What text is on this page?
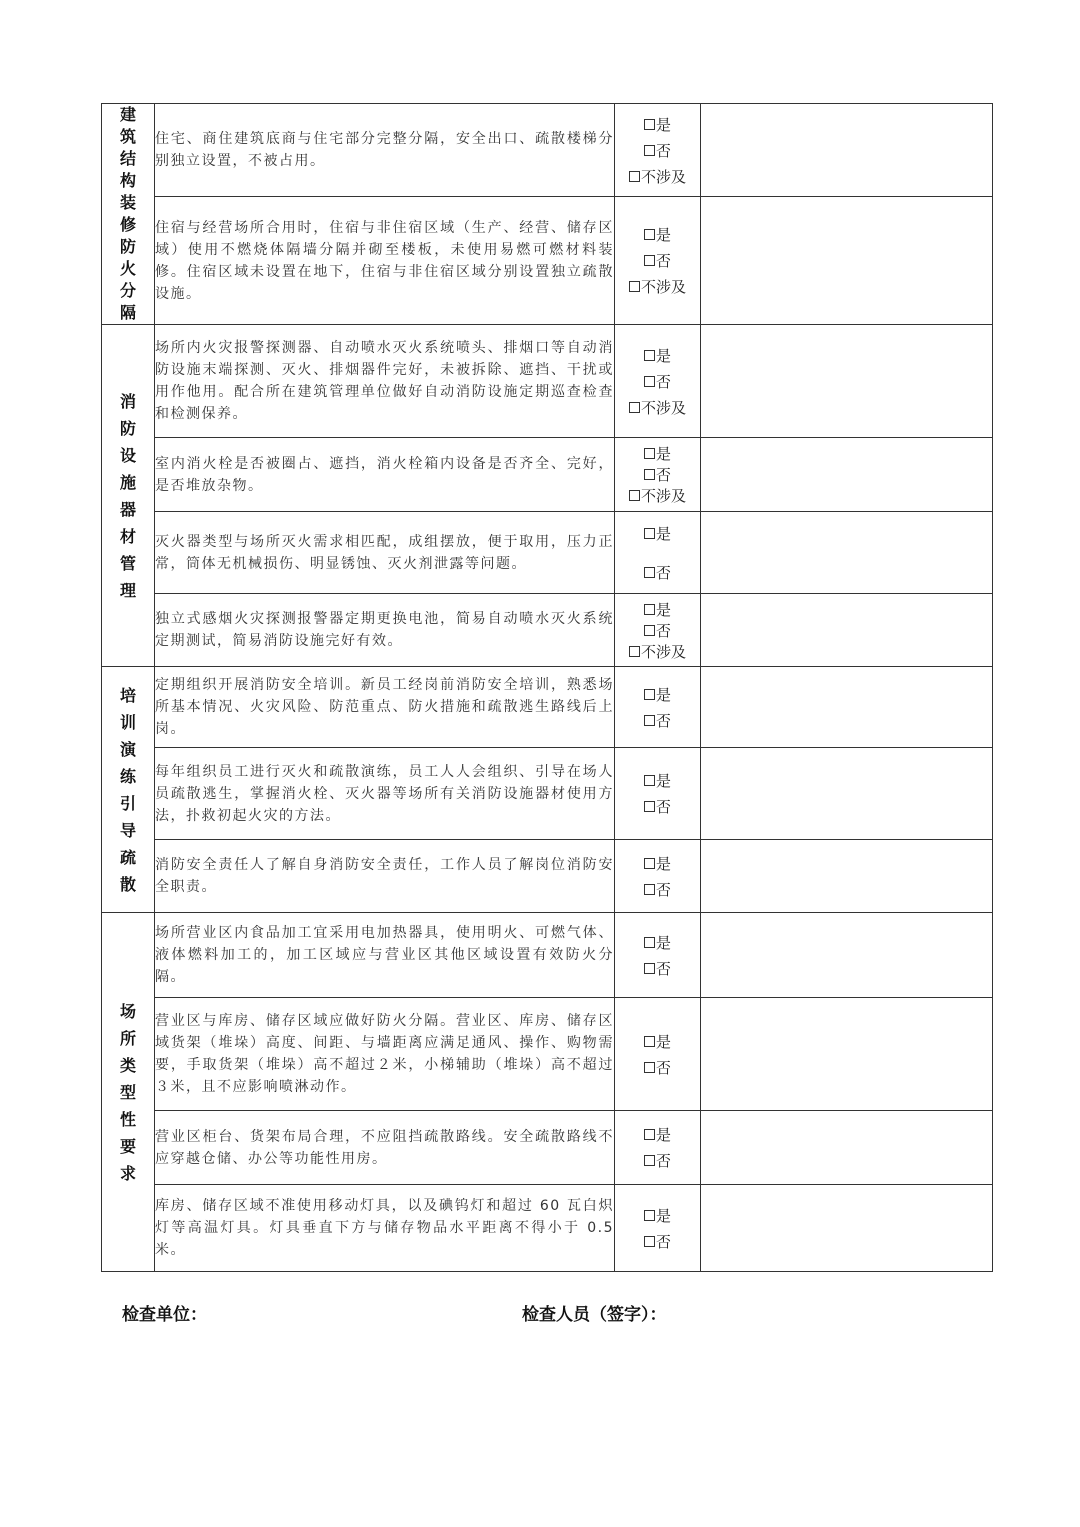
建筑结构装修防火分隔	住宅、商住建筑底商与住宅部分完整分隔，安全出口、疏散楼梯分别独立设置，不被占用。	是
否
不涉及	

	住宿与经营场所合用时，住宿与非住宿区域（生产、经营、储存区域）使用不燃烧体隔墙分隔并砌至楼板，未使用易燃可燃材料装修。住宿区域未设置在地下，住宿与非住宿区域分别设置独立疏散设施。	是
否
不涉及	

消防设施器材管理	场所内火灾报警探测器、自动喷水灭火系统喷头、排烟口等自动消防设施末端探测、灭火、排烟器件完好，未被拆除、遮挡、干扰或用作他用。配合所在建筑管理单位做好自动消防设施定期巡查检查和检测保养。	是
否
不涉及	

	室内消火栓是否被圈占、遮挡，消火栓箱内设备是否齐全、完好，是否堆放杂物。	是
否
不涉及	

	灭火器类型与场所灭火需求相匹配，成组摆放，便于取用，压力正常，筒体无机械损伤、明显锈蚀、灭火剂泄露等问题。	是
否	

	独立式感烟火灾探测报警器定期更换电池，简易自动喷水灭火系统定期测试，简易消防设施完好有效。	是
否
不涉及	

培训演练引导疏散	定期组织开展消防安全培训。新员工经岗前消防安全培训，熟悉场所基本情况、火灾风险、防范重点、防火措施和疏散逃生路线后上岗。	是
否	

	每年组织员工进行灭火和疏散演练，员工人人会组织、引导在场人员疏散逃生，掌握消火栓、灭火器等场所有关消防设施器材使用方法，扑救初起火灾的方法。	是
否	

	消防安全责任人了解自身消防安全责任，工作人员了解岗位消防安全职责。	是
否	

场所类型性要求	场所营业区内食品加工宜采用电加热器具，使用明火、可燃气体、液体燃料加工的，加工区域应与营业区其他区域设置有效防火分隔。	是
否	

	营业区与库房、储存区域应做好防火分隔。营业区、库房、储存区域货架（堆垛）高度、间距、与墙距离应满足通风、操作、购物需要，手取货架（堆垛）高不超过２米，小梯辅助（堆垛）高不超过３米，且不应影响喷淋动作。	是
否	

	营业区柜台、货架布局合理，不应阻挡疏散路线。安全疏散路线不应穿越仓储、办公等功能性用房。	是
否	

	库房、储存区域不准使用移动灯具，以及碘钨灯和超过 60 瓦白炽灯等高温灯具。灯具垂直下方与储存物品水平距离不得小于 0.5 米。	是
否	

检查单位：	检查人员（签字）：
